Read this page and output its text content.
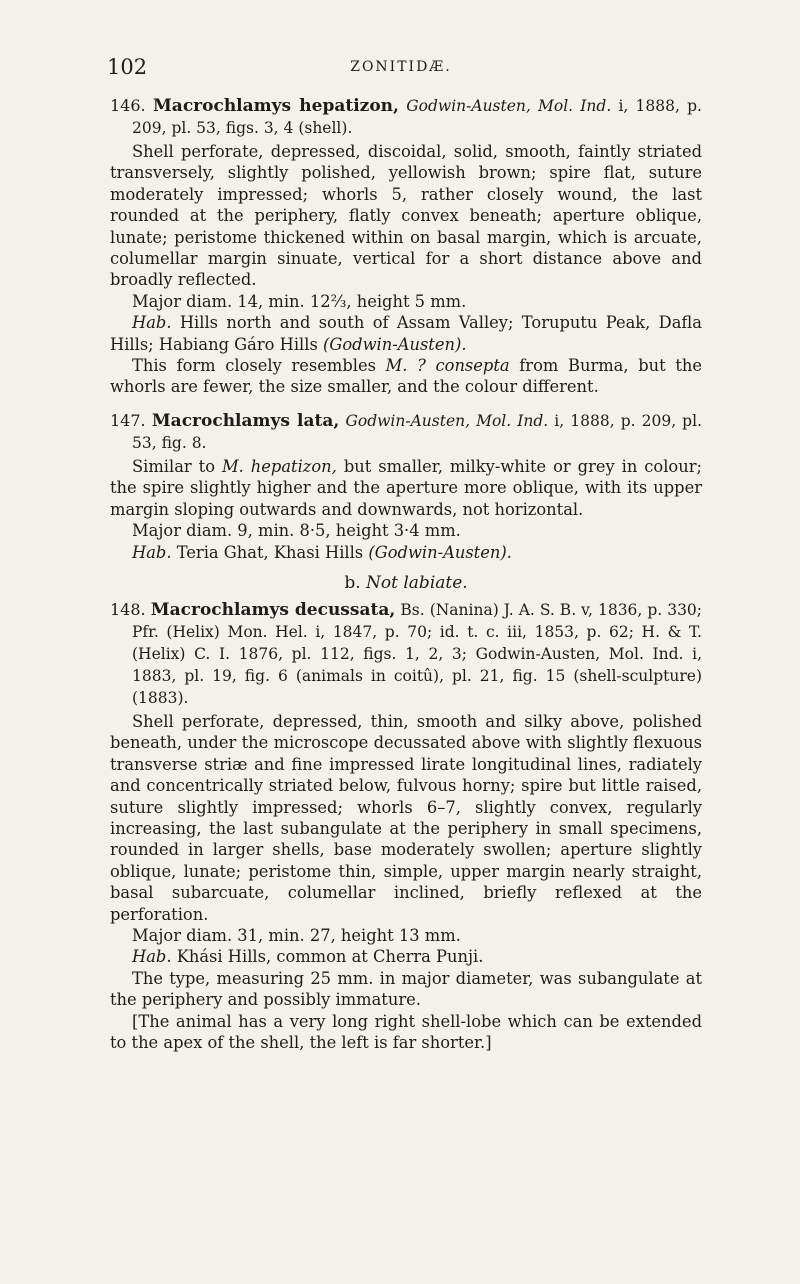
102	ZONITIDÆ.

146. Macrochlamys hepatizon, Godwin-Austen, Mol. Ind. i, 1888, p. 209, pl. 53, figs. 3, 4 (shell).

Shell perforate, depressed, discoidal, solid, smooth, faintly striated transversely, slightly polished, yellowish brown; spire flat, suture moderately impressed; whorls 5, rather closely wound, the last rounded at the periphery, flatly convex beneath; aperture oblique, lunate; peristome thickened within on basal margin, which is arcuate, columellar margin sinuate, vertical for a short distance above and broadly reflected.

Major diam. 14, min. 12⅔, height 5 mm.

Hab. Hills north and south of Assam Valley; Toruputu Peak, Dafla Hills; Habiang Gáro Hills (Godwin-Austen).

This form closely resembles M. ? consepta from Burma, but the whorls are fewer, the size smaller, and the colour different.

147. Macrochlamys lata, Godwin-Austen, Mol. Ind. i, 1888, p. 209, pl. 53, fig. 8.

Similar to M. hepatizon, but smaller, milky-white or grey in colour; the spire slightly higher and the aperture more oblique, with its upper margin sloping outwards and downwards, not horizontal.

Major diam. 9, min. 8·5, height 3·4 mm.

Hab. Teria Ghat, Khasi Hills (Godwin-Austen).

b. Not labiate.

148. Macrochlamys decussata, Bs. (Nanina) J. A. S. B. v, 1836, p. 330; Pfr. (Helix) Mon. Hel. i, 1847, p. 70; id. t. c. iii, 1853, p. 62; H. & T. (Helix) C. I. 1876, pl. 112, figs. 1, 2, 3; Godwin-Austen, Mol. Ind. i, 1883, pl. 19, fig. 6 (animals in coitû), pl. 21, fig. 15 (shell-sculpture) (1883).

Shell perforate, depressed, thin, smooth and silky above, polished beneath, under the microscope decussated above with slightly flexuous transverse striæ and fine impressed lirate longitudinal lines, radiately and concentrically striated below, fulvous horny; spire but little raised, suture slightly impressed; whorls 6–7, slightly convex, regularly increasing, the last subangulate at the periphery in small specimens, rounded in larger shells, base moderately swollen; aperture slightly oblique, lunate; peristome thin, simple, upper margin nearly straight, basal subarcuate, columellar inclined, briefly reflexed at the perforation.

Major diam. 31, min. 27, height 13 mm.

Hab. Khási Hills, common at Cherra Punji.

The type, measuring 25 mm. in major diameter, was subangulate at the periphery and possibly immature.

[The animal has a very long right shell-lobe which can be extended to the apex of the shell, the left is far shorter.]
